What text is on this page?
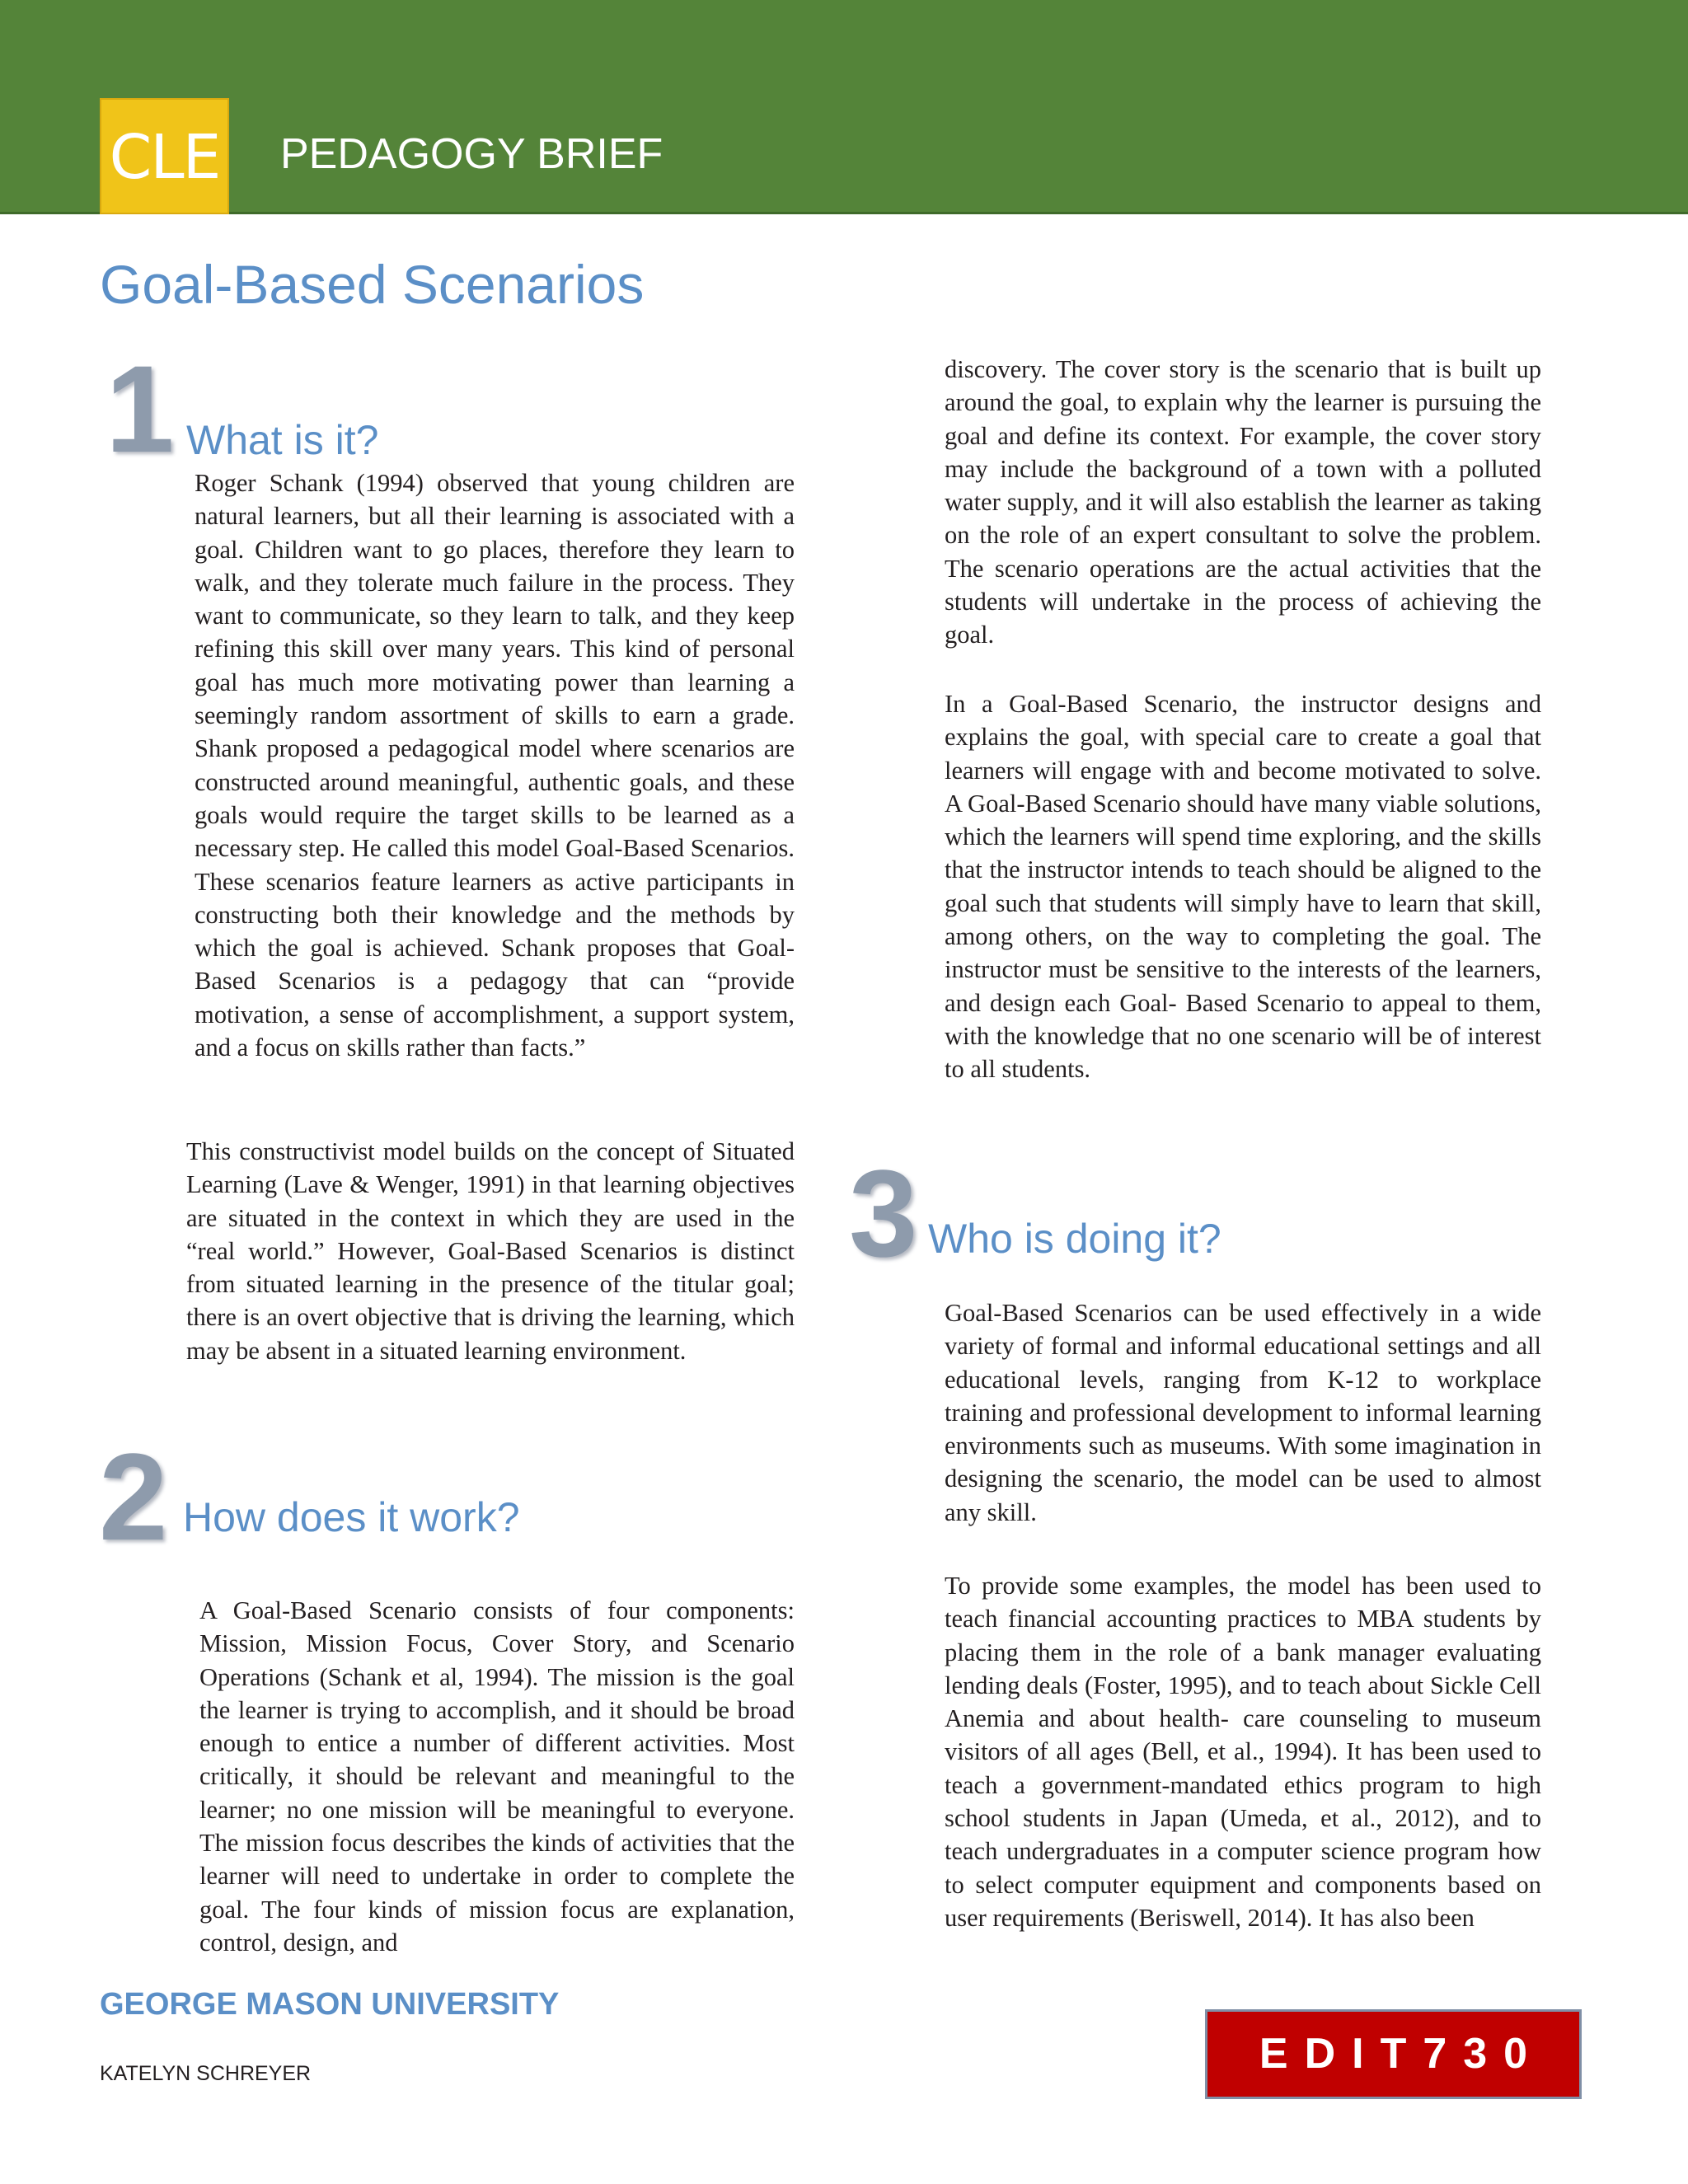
CLE PEDAGOGY BRIEF
Goal-Based Scenarios
1 What is it?

Roger Schank (1994) observed that young children are natural learners, but all their learning is associated with a goal. Children want to go places, therefore they learn to walk, and they tolerate much failure in the process. They want to communicate, so they learn to talk, and they keep refining this skill over many years. This kind of personal goal has much more motivating power than learning a seemingly random assortment of skills to earn a grade. Shank proposed a pedagogical model where scenarios are constructed around meaningful, authentic goals, and these goals would require the target skills to be learned as a necessary step. He called this model Goal-Based Scenarios. These scenarios feature learners as active participants in constructing both their knowledge and the methods by which the goal is achieved. Schank proposes that Goal-Based Scenarios is a pedagogy that can “provide motivation, a sense of accomplishment, a support system, and a focus on skills rather than facts.”

This constructivist model builds on the concept of Situated Learning (Lave & Wenger, 1991) in that learning objectives are situated in the context in which they are used in the “real world.” However, Goal-Based Scenarios is distinct from situated learning in the presence of the titular goal; there is an overt objective that is driving the learning, which may be absent in a situated learning environment.

2 How does it work?

A Goal-Based Scenario consists of four components: Mission, Mission Focus, Cover Story, and Scenario Operations (Schank et al, 1994). The mission is the goal the learner is trying to accomplish, and it should be broad enough to entice a number of different activities. Most critically, it should be relevant and meaningful to the learner; no one mission will be meaningful to everyone. The mission focus describes the kinds of activities that the learner will need to undertake in order to complete the goal. The four kinds of mission focus are explanation, control, design, and

discovery. The cover story is the scenario that is built up around the goal, to explain why the learner is pursuing the goal and define its context. For example, the cover story may include the background of a town with a polluted water supply, and it will also establish the learner as taking on the role of an expert consultant to solve the problem. The scenario operations are the actual activities that the students will undertake in the process of achieving the goal.

In a Goal-Based Scenario, the instructor designs and explains the goal, with special care to create a goal that learners will engage with and become motivated to solve. A Goal-Based Scenario should have many viable solutions, which the learners will spend time exploring, and the skills that the instructor intends to teach should be aligned to the goal such that students will simply have to learn that skill, among others, on the way to completing the goal. The instructor must be sensitive to the interests of the learners, and design each Goal- Based Scenario to appeal to them, with the knowledge that no one scenario will be of interest to all students.

3 Who is doing it?

Goal-Based Scenarios can be used effectively in a wide variety of formal and informal educational settings and all educational levels, ranging from K-12 to workplace training and professional development to informal learning environments such as museums. With some imagination in designing the scenario, the model can be used to almost any skill.

To provide some examples, the model has been used to teach financial accounting practices to MBA students by placing them in the role of a bank manager evaluating lending deals (Foster, 1995), and to teach about Sickle Cell Anemia and about health- care counseling to museum visitors of all ages (Bell, et al., 1994). It has been used to teach a government-mandated ethics program to high school students in Japan (Umeda, et al., 2012), and to teach undergraduates in a computer science program how to select computer equipment and components based on user requirements (Beriswell, 2014). It has also been

GEORGE MASON UNIVERSITY
KATELYN SCHREYER	EDIT730
